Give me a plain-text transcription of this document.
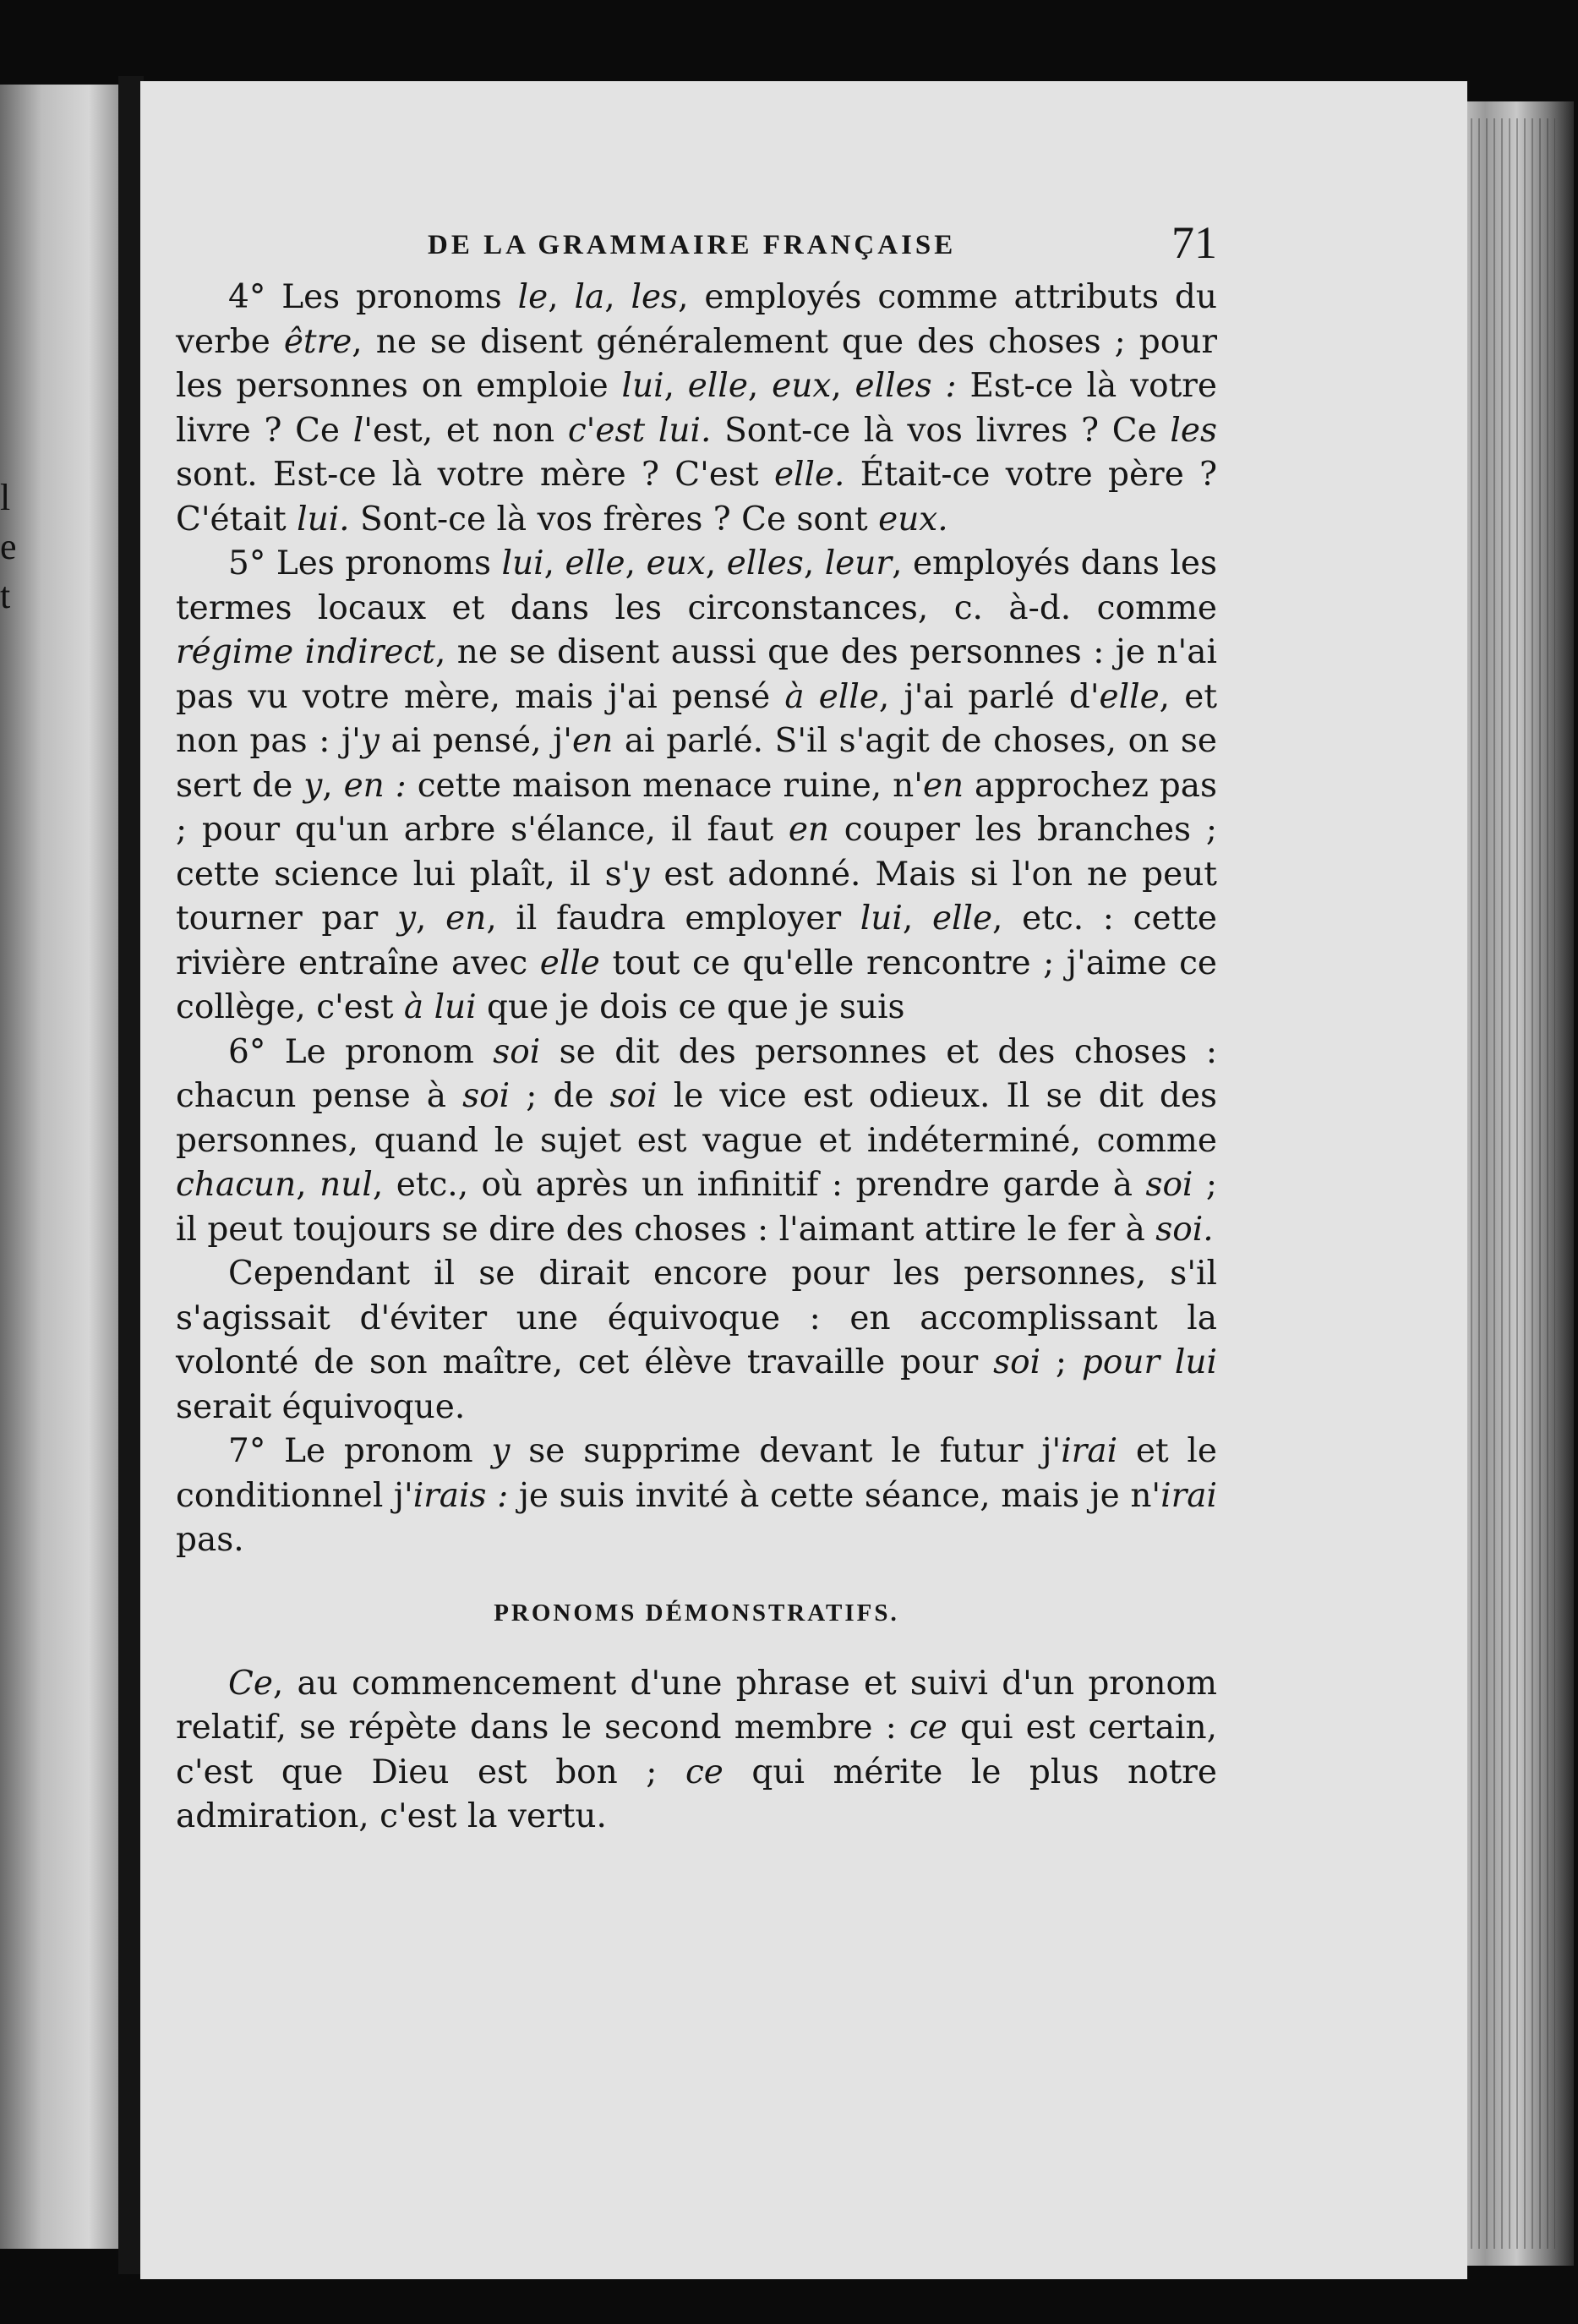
l
e
t
DE LA GRAMMAIRE FRANÇAISE	71

4° Les pronoms le, la, les, employés comme attributs du verbe être, ne se disent généralement que des choses ; pour les personnes on emploie lui, elle, eux, elles : Est-ce là votre livre ? Ce l'est, et non c'est lui. Sont-ce là vos livres ? Ce les sont. Est-ce là votre mère ? C'est elle. Était-ce votre père ? C'était lui. Sont-ce là vos frères ? Ce sont eux.

5° Les pronoms lui, elle, eux, elles, leur, employés dans les termes locaux et dans les circonstances, c. à-d. comme régime indirect, ne se disent aussi que des personnes : je n'ai pas vu votre mère, mais j'ai pensé à elle, j'ai parlé d'elle, et non pas : j'y ai pensé, j'en ai parlé. S'il s'agit de choses, on se sert de y, en : cette maison menace ruine, n'en approchez pas ; pour qu'un arbre s'élance, il faut en couper les branches ; cette science lui plaît, il s'y est adonné. Mais si l'on ne peut tourner par y, en, il faudra employer lui, elle, etc. : cette rivière entraîne avec elle tout ce qu'elle rencontre ; j'aime ce collège, c'est à lui que je dois ce que je suis

6° Le pronom soi se dit des personnes et des choses : chacun pense à soi ; de soi le vice est odieux. Il se dit des personnes, quand le sujet est vague et indéterminé, comme chacun, nul, etc., où après un infinitif : prendre garde à soi ; il peut toujours se dire des choses : l'aimant attire le fer à soi.

Cependant il se dirait encore pour les personnes, s'il s'agissait d'éviter une équivoque : en accomplissant la volonté de son maître, cet élève travaille pour soi ; pour lui serait équivoque.

7° Le pronom y se supprime devant le futur j'irai et le conditionnel j'irais : je suis invité à cette séance, mais je n'irai pas.

PRONOMS DÉMONSTRATIFS.

Ce, au commencement d'une phrase et suivi d'un pronom relatif, se répète dans le second membre : ce qui est certain, c'est que Dieu est bon ; ce qui mérite le plus notre admiration, c'est la vertu.
